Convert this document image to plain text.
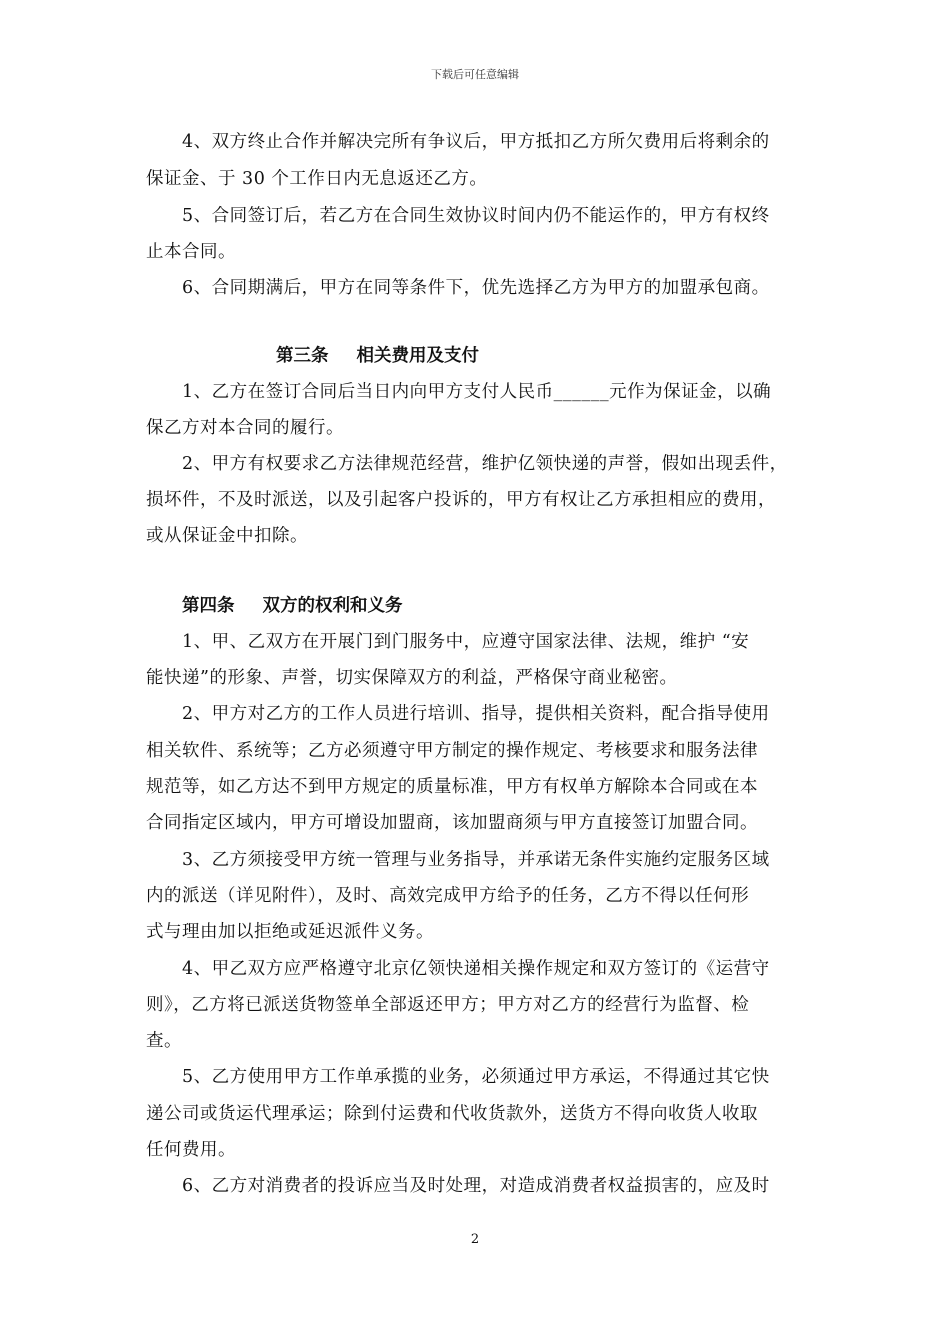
下载后可任意编辑
4、双方终止合作并解决完所有争议后，甲方抵扣乙方所欠费用后将剩余的
保证金、于 30 个工作日内无息返还乙方。
5、合同签订后，若乙方在合同生效协议时间内仍不能运作的，甲方有权终
止本合同。
6、合同期满后，甲方在同等条件下，优先选择乙方为甲方的加盟承包商。
第三条 相关费用及支付
1、乙方在签订合同后当日内向甲方支付人民币______元作为保证金，以确
保乙方对本合同的履行。
2、甲方有权要求乙方法律规范经营，维护亿领快递的声誉，假如出现丢件，
损坏件，不及时派送，以及引起客户投诉的，甲方有权让乙方承担相应的费用，
或从保证金中扣除。
第四条 双方的权利和义务
1、甲、乙双方在开展门到门服务中，应遵守国家法律、法规，维护 “安
能快递”的形象、声誉，切实保障双方的利益，严格保守商业秘密。
2、甲方对乙方的工作人员进行培训、指导，提供相关资料，配合指导使用
相关软件、系统等；乙方必须遵守甲方制定的操作规定、考核要求和服务法律
规范等，如乙方达不到甲方规定的质量标准，甲方有权单方解除本合同或在本
合同指定区域内，甲方可增设加盟商，该加盟商须与甲方直接签订加盟合同。
3、乙方须接受甲方统一管理与业务指导，并承诺无条件实施约定服务区域
内的派送（详见附件），及时、高效完成甲方给予的任务，乙方不得以任何形
式与理由加以拒绝或延迟派件义务。
4、甲乙双方应严格遵守北京亿领快递相关操作规定和双方签订的《运营守
则》，乙方将已派送货物签单全部返还甲方；甲方对乙方的经营行为监督、检
查。
5、乙方使用甲方工作单承揽的业务，必须通过甲方承运，不得通过其它快
递公司或货运代理承运；除到付运费和代收货款外，送货方不得向收货人收取
任何费用。
6、乙方对消费者的投诉应当及时处理，对造成消费者权益损害的，应及时
2
